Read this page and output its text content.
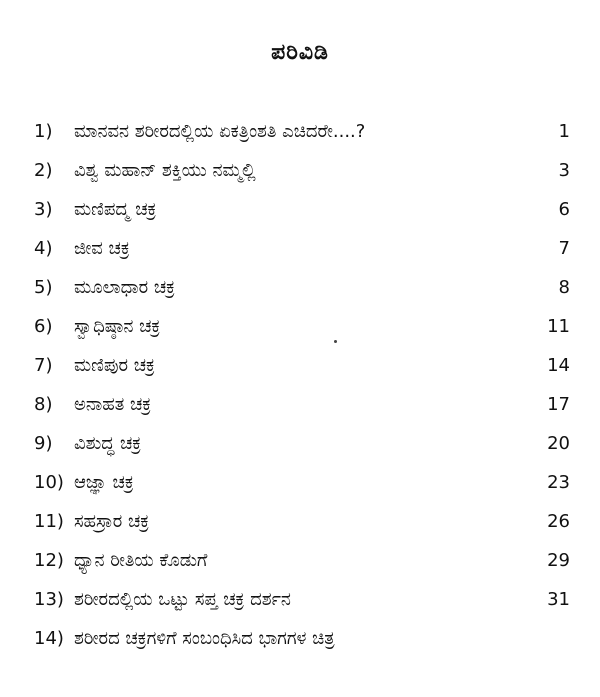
ಪರಿವಿಡಿ
1)	ಮಾನವನ ಶರೀರದಲ್ಲಿಯ ಏಕತ್ರಿಂಶತಿ ಎಚಿದರೇ....?	1
2)	ವಿಶ್ವ ಮಹಾನ್ ಶಕ್ತಿಯು ನಮ್ಮಲ್ಲಿ	3
3)	ಮಣಿಪದ್ಮ ಚಕ್ರ	6
4)	ಜೀವ ಚಕ್ರ	7
5)	ಮೂಲಾಧಾರ ಚಕ್ರ	8
6)	ಸ್ವಾಧಿಷ್ಠಾನ ಚಕ್ರ	11
7)	ಮಣಿಪುರ ಚಕ್ರ	14
8)	ಅನಾಹತ ಚಕ್ರ	17
9)	ವಿಶುದ್ಧ ಚಕ್ರ	20
10) ಆಜ್ಞಾ ಚಕ್ರ	23
11) ಸಹಸ್ರಾರ ಚಕ್ರ	26
12) ಧ್ಯಾನ ರೀತಿಯ ಕೊಡುಗೆ	29
13) ಶರೀರದಲ್ಲಿಯ ಒಟ್ಟು ಸಪ್ತ ಚಕ್ರ ದರ್ಶನ	31
14) ಶರೀರದ ಚಕ್ರಗಳಿಗೆ ಸಂಬಂಧಿಸಿದ ಭಾಗಗಳ ಚಿತ್ರ
